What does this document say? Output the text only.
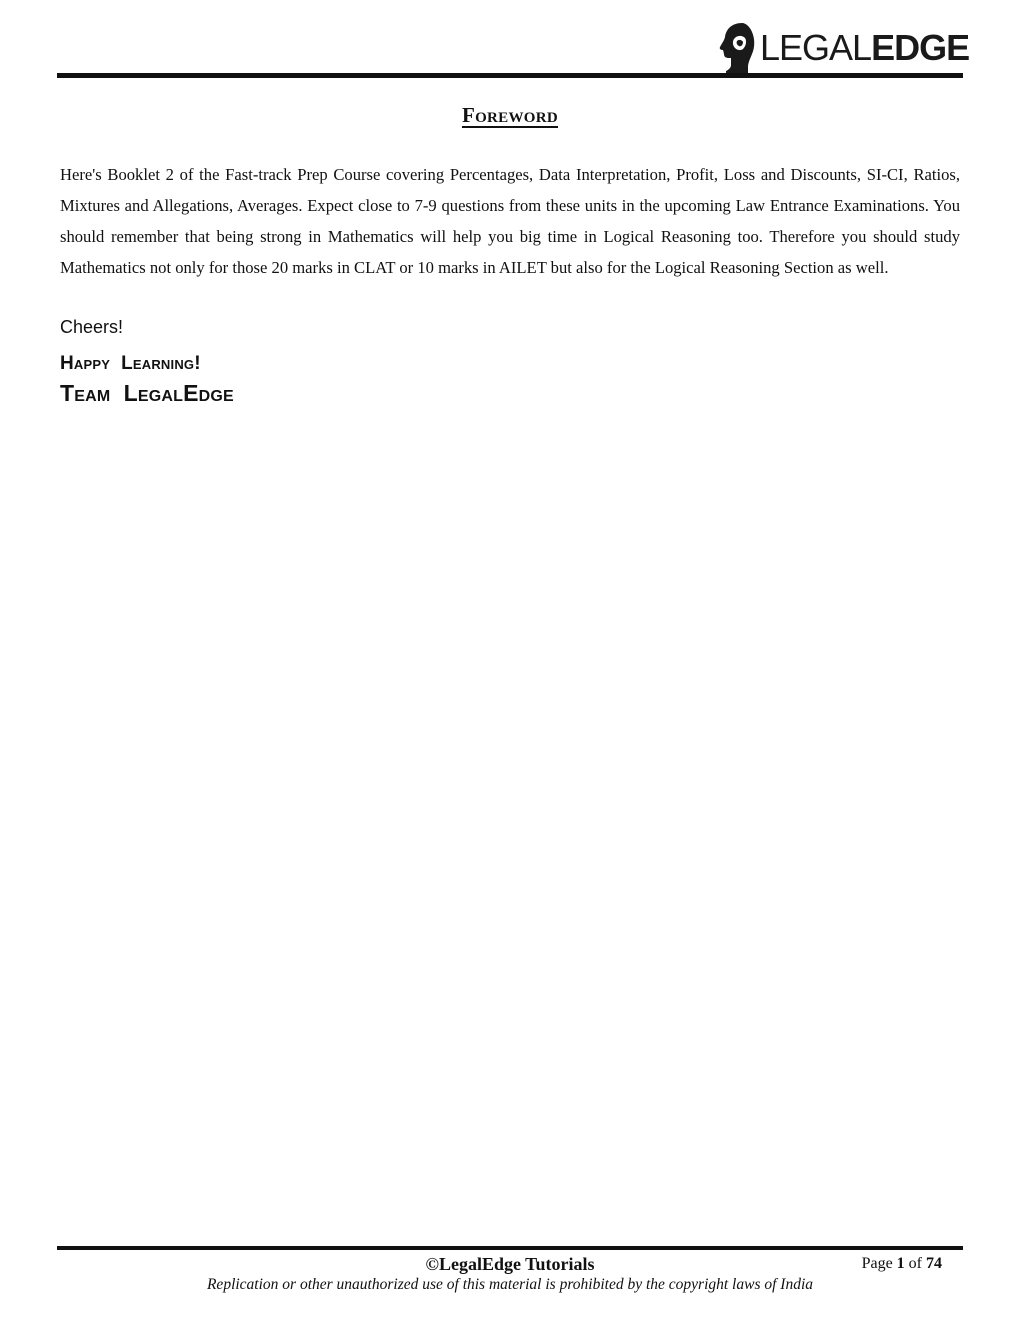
LEGALEDGE
Foreword

Here's Booklet 2 of the Fast-track Prep Course covering Percentages, Data Interpretation, Profit, Loss and Discounts, SI-CI, Ratios, Mixtures and Allegations, Averages. Expect close to 7-9 questions from these units in the upcoming Law Entrance Examinations. You should remember that being strong in Mathematics will help you big time in Logical Reasoning too. Therefore you should study Mathematics not only for those 20 marks in CLAT or 10 marks in AILET but also for the Logical Reasoning Section as well.

Cheers!

Happy  Learning!

Team  LegalEdge

©LegalEdge Tutorials	Page 1 of 74

Replication or other unauthorized use of this material is prohibited by the copyright laws of India
